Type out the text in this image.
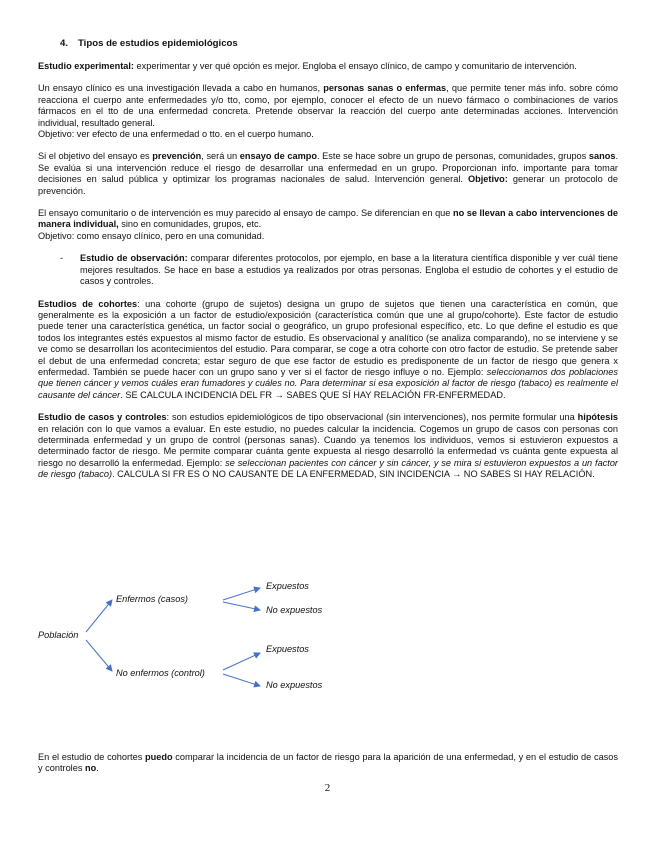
4. Tipos de estudios epidemiológicos

Estudio experimental: experimentar y ver qué opción es mejor. Engloba el ensayo clínico, de campo y comunitario de intervención.

Un ensayo clínico es una investigación llevada a cabo en humanos, personas sanas o enfermas, que permite tener más info. sobre cómo reacciona el cuerpo ante enfermedades y/o tto, como, por ejemplo, conocer el efecto de un nuevo fármaco o combinaciones de varios fármacos en el tto de una enfermedad concreta. Pretende observar la reacción del cuerpo ante determinadas acciones. Intervención individual, resultado general.

Objetivo: ver efecto de una enfermedad o tto. en el cuerpo humano.

Si el objetivo del ensayo es prevención, será un ensayo de campo. Este se hace sobre un grupo de personas, comunidades, grupos sanos. Se evalúa si una intervención reduce el riesgo de desarrollar una enfermedad en un grupo. Proporcionan info. importante para tomar decisiones en salud pública y optimizar los programas nacionales de salud. Intervención general. Objetivo: generar un protocolo de prevención.

El ensayo comunitario o de intervención es muy parecido al ensayo de campo. Se diferencian en que no se llevan a cabo intervenciones de manera individual, sino en comunidades, grupos, etc.

Objetivo: como ensayo clínico, pero en una comunidad.

- Estudio de observación: comparar diferentes protocolos, por ejemplo, en base a la literatura científica disponible y ver cuál tiene mejores resultados. Se hace en base a estudios ya realizados por otras personas. Engloba el estudio de cohortes y el estudio de casos y controles.

Estudios de cohortes: una cohorte (grupo de sujetos) designa un grupo de sujetos que tienen una característica en común, que generalmente es la exposición a un factor de estudio/exposición (característica común que une al grupo/cohorte). Este factor de estudio puede tener una característica genética, un factor social o geográfico, un grupo profesional específico, etc. Lo que define el estudio es que todos los integrantes estés expuestos al mismo factor de estudio. Es observacional y analítico (se analiza comparando), no se interviene y se ve como se desarrollan los acontecimientos del estudio. Para comparar, se coge a otra cohorte con otro factor de estudio. Se pretende saber el debut de una enfermedad concreta; estar seguro de que ese factor de estudio es predisponente de un factor de riesgo que genera x enfermedad. También se puede hacer con un grupo sano y ver si el factor de riesgo influye o no. Ejemplo: seleccionamos dos poblaciones que tienen cáncer y vemos cuáles eran fumadores y cuáles no. Para determinar si esa exposición al factor de riesgo (tabaco) es realmente el causante del cáncer. SE CALCULA INCIDENCIA DEL FR → SABES QUE SÍ HAY RELACIÓN FR-ENFERMEDAD.

Estudio de casos y controles: son estudios epidemiológicos de tipo observacional (sin intervenciones), nos permite formular una hipótesis en relación con lo que vamos a evaluar. En este estudio, no puedes calcular la incidencia. Cogemos un grupo de casos con personas con determinada enfermedad y un grupo de control (personas sanas). Cuando ya tenemos los individuos, vemos si estuvieron expuestos a determinado factor de riesgo. Me permite comparar cuánta gente expuesta al riesgo desarrolló la enfermedad vs cuánta gente expuesta al riesgo no desarrolló la enfermedad. Ejemplo: se seleccionan pacientes con cáncer y sin cáncer, y se mira si estuvieron expuestos a un factor de riesgo (tabaco). CALCULA SI FR ES O NO CAUSANTE DE LA ENFERMEDAD, SIN INCIDENCIA → NO SABES SI HAY RELACIÓN.

Población
Enfermos (casos)
No enfermos (control)
Expuestos
No expuestos
Expuestos
No expuestos

En el estudio de cohortes puedo comparar la incidencia de un factor de riesgo para la aparición de una enfermedad, y en el estudio de casos y controles no.

2
